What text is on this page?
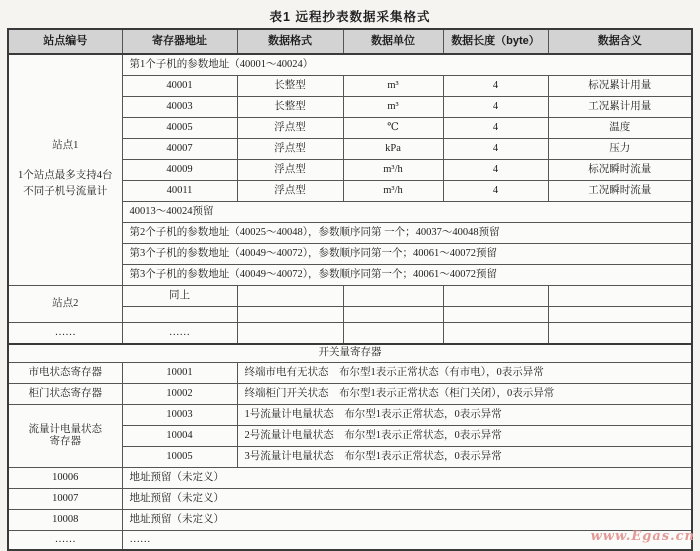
表1 远程抄表数据采集格式
站点编号	寄存器地址	数据格式	数据单位	数据长度（byte）	数据含义

站点1
1个站点最多支持4台
不同子机号流量计	第1个子机的参数地址（40001～40024）				
	40001	长整型	m³	4	标况累计用量
	40003	长整型	m³	4	工况累计用量
	40005	浮点型	℃	4	温度
	40007	浮点型	kPa	4	压力
	40009	浮点型	m³/h	4	标况瞬时流量
	40011	浮点型	m³/h	4	工况瞬时流量
	40013～40024预留				
	第2个子机的参数地址（40025～40048），参数顺序同第 一个；40037～40048预留				
	第3个子机的参数地址（40049～40072），参数顺序同第一个；40061～40072预留				
	第3个子机的参数地址（40049～40072），参数顺序同第一个；40061～40072预留				
站点2	同上				

……	……				
开关量寄存器					
市电状态寄存器	10001	终端市电有无状态　布尔型1表示正常状态（有市电），0表示异常			
柜门状态寄存器	10002	终端柜门开关状态　布尔型1表示正常状态（柜门关闭），0表示异常			

流量计电量状态
寄存器	10003	1号流量计电量状态　布尔型1表示正常状态，0表示异常			
	10004	2号流量计电量状态　布尔型1表示正常状态，0表示异常			
	10005	3号流量计电量状态　布尔型1表示正常状态，0表示异常			
10006	地址预留（未定义）				
10007	地址预留（未定义）				
10008	地址预留（未定义）				
……	……					www.Egas.cn
